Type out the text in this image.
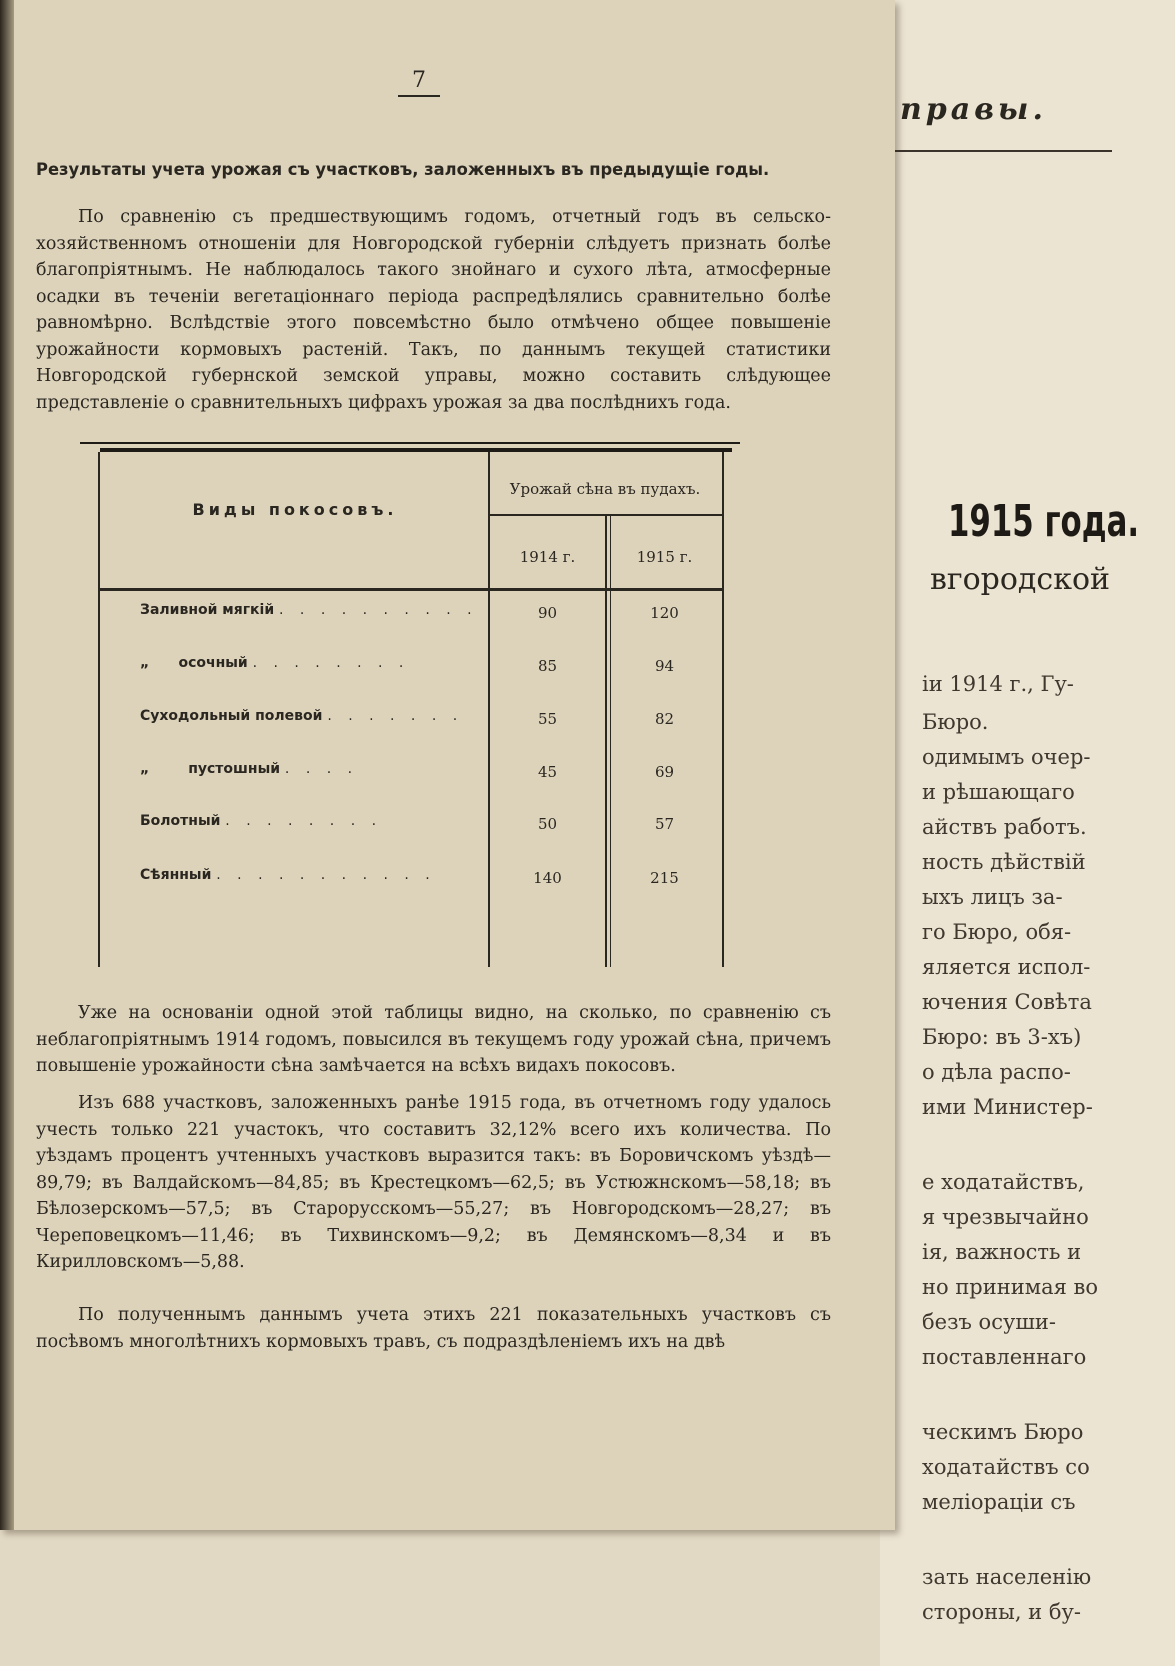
правы.
1915 года.
вгородской
іи 1914 г., Гу-
Бюро.
одимымъ очер-
и рѣшающаго
айствъ работъ.
ность дѣйствій
ыхъ лицъ за-
го Бюро, обя-
яляется испол-
ючения Совѣта
Бюро: въ 3-хъ)
о дѣла распо-
ими Министер-
е ходатайствъ,
я чрезвычайно
ія, важность и
но принимая во
безъ осуши-
поставленнаго
ческимъ Бюро
ходатайствъ со
меліораціи съ
зать населенію
стороны, и бу-
7
Результаты учета урожая съ участковъ, заложенныхъ въ предыдущіе годы.
По сравненію съ предшествующимъ годомъ, отчетный годъ въ сельско-хозяйственномъ отношеніи для Новгородской губерніи слѣдуетъ признать болѣе благопріятнымъ. Не наблюдалось такого знойнаго и сухого лѣта, атмосферные осадки въ теченіи вегетаціоннаго періода распредѣлялись сравнительно болѣе равномѣрно. Вслѣдствіе этого повсемѣстно было отмѣчено общее повышеніе урожайности кормовыхъ растеній. Такъ, по даннымъ текущей статистики Новгородской губернской земской управы, можно составить слѣдующее представленіе о сравнительныхъ цифрахъ урожая за два послѣднихъ года.
Виды покосовъ.
Урожай сѣна въ пудахъ.
1914 г.	1915 г.
Заливной мягкій . . . . . . . . . .	90	120
„      осочный . . . . . . . .	85	94
Суходольный полевой . . . . . . .	55	82
„        пустошный . . . .	45	69
Болотный . . . . . . . .	50	57
Сѣянный . . . . . . . . . . .	140	215
Уже на основаніи одной этой таблицы видно, на сколько, по сравненію съ неблагопріятнымъ 1914 годомъ, повысился въ текущемъ году урожай сѣна, причемъ повышеніе урожайности сѣна замѣчается на всѣхъ видахъ покосовъ.
Изъ 688 участковъ, заложенныхъ ранѣе 1915 года, въ отчетномъ году удалось учесть только 221 участокъ, что составитъ 32,12% всего ихъ количества. По уѣздамъ процентъ учтенныхъ участковъ выразится такъ: въ Боровичскомъ уѣздѣ—89,79; въ Валдайскомъ—84,85; въ Крестецкомъ—62,5; въ Устюжнскомъ—58,18; въ Бѣлозерскомъ—57,5; въ Старорусскомъ—55,27; въ Новгородскомъ—28,27; въ Череповецкомъ—11,46; въ Тихвинскомъ—9,2; въ Демянскомъ—8,34 и въ Кирилловскомъ—5,88.
По полученнымъ даннымъ учета этихъ 221 показательныхъ участковъ съ посѣвомъ многолѣтнихъ кормовыхъ травъ, съ подраздѣленіемъ ихъ на двѣ
